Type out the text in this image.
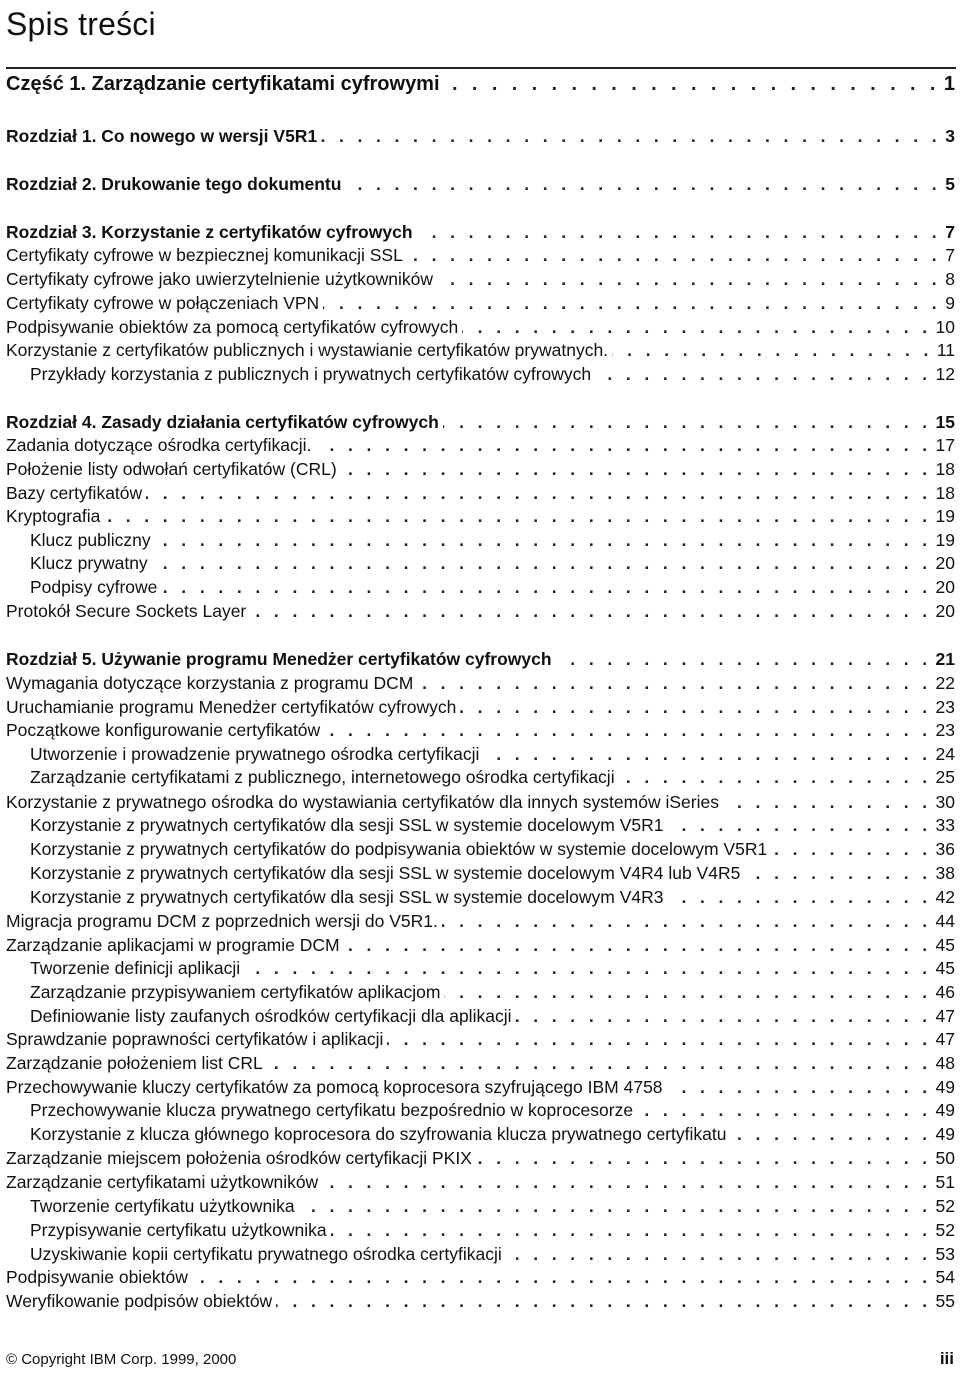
Spis treści
Część 1. Zarządzanie certyfikatami cyfrowymi . . .	1
Rozdział 1. Co nowego w wersji V5R1 . . .	3
Rozdział 2. Drukowanie tego dokumentu . . .	5
Rozdział 3. Korzystanie z certyfikatów cyfrowych . . .	7
Certyfikaty cyfrowe w bezpiecznej komunikacji SSL . . .	7
Certyfikaty cyfrowe jako uwierzytelnienie użytkowników . . .	8
Certyfikaty cyfrowe w połączeniach VPN . . .	9
Podpisywanie obiektów za pomocą certyfikatów cyfrowych . . .	10
Korzystanie z certyfikatów publicznych i wystawianie certyfikatów prywatnych. . . .	11
Przykłady korzystania z publicznych i prywatnych certyfikatów cyfrowych . . .	12
Rozdział 4. Zasady działania certyfikatów cyfrowych . . .	15
Zadania dotyczące ośrodka certyfikacji. . . .	17
Położenie listy odwołań certyfikatów (CRL) . . .	18
Bazy certyfikatów . . .	18
Kryptografia . . .	19
Klucz publiczny . . .	19
Klucz prywatny . . .	20
Podpisy cyfrowe . . .	20
Protokół Secure Sockets Layer . . .	20
Rozdział 5. Używanie programu Menedżer certyfikatów cyfrowych . . .	21
Wymagania dotyczące korzystania z programu DCM . . .	22
Uruchamianie programu Menedżer certyfikatów cyfrowych . . .	23
Początkowe konfigurowanie certyfikatów . . .	23
Utworzenie i prowadzenie prywatnego ośrodka certyfikacji . . .	24
Zarządzanie certyfikatami z publicznego, internetowego ośrodka certyfikacji . . .	25
Korzystanie z prywatnego ośrodka do wystawiania certyfikatów dla innych systemów iSeries . . .	30
Korzystanie z prywatnych certyfikatów dla sesji SSL w systemie docelowym V5R1 . . .	33
Korzystanie z prywatnych certyfikatów do podpisywania obiektów w systemie docelowym V5R1 . . .	36
Korzystanie z prywatnych certyfikatów dla sesji SSL w systemie docelowym V4R4 lub V4R5 . . .	38
Korzystanie z prywatnych certyfikatów dla sesji SSL w systemie docelowym V4R3 . . .	42
Migracja programu DCM z poprzednich wersji do V5R1. . . .	44
Zarządzanie aplikacjami w programie DCM . . .	45
Tworzenie definicji aplikacji . . .	45
Zarządzanie przypisywaniem certyfikatów aplikacjom . . .	46
Definiowanie listy zaufanych ośrodków certyfikacji dla aplikacji . . .	47
Sprawdzanie poprawności certyfikatów i aplikacji . . .	47
Zarządzanie położeniem list CRL . . .	48
Przechowywanie kluczy certyfikatów za pomocą koprocesora szyfrującego IBM 4758 . . .	49
Przechowywanie klucza prywatnego certyfikatu bezpośrednio w koprocesorze . . .	49
Korzystanie z klucza głównego koprocesora do szyfrowania klucza prywatnego certyfikatu . . .	49
Zarządzanie miejscem położenia ośrodków certyfikacji PKIX . . .	50
Zarządzanie certyfikatami użytkowników . . .	51
Tworzenie certyfikatu użytkownika . . .	52
Przypisywanie certyfikatu użytkownika . . .	52
Uzyskiwanie kopii certyfikatu prywatnego ośrodka certyfikacji . . .	53
Podpisywanie obiektów . . .	54
Weryfikowanie podpisów obiektów . . .	55
© Copyright IBM Corp. 1999, 2000	iii
